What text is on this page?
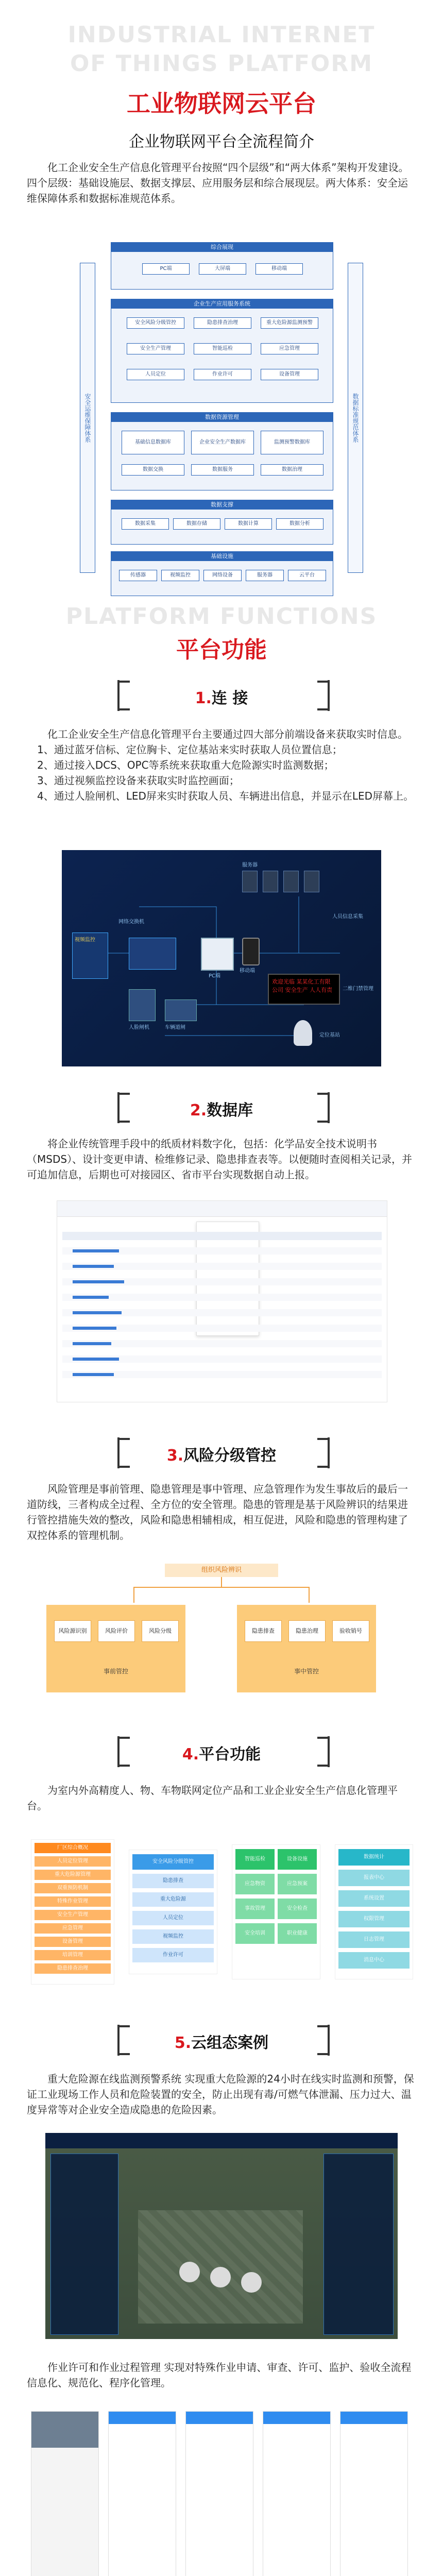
INDUSTRIAL INTERNET OF THINGS PLATFORM
工业物联网云平台
企业物联网平台全流程简介

化工企业安全生产信息化管理平台按照“四个层级”和“两大体系”架构开发建设。四个层级：基础设施层、数据支撑层、应用服务层和综合展现层。两大体系：安全运维保障体系和数据标准规范体系。

安全运维保障体系	数据标准规范体系
综合展现
PC端	大屏端	移动端
企业生产应用服务系统
安全风险分级管控	隐患排查治理	重大危险源监测预警
安全生产管理	智能巡检	应急管理
人员定位	作业许可	设备管理
数据资源管理
基础信息数据库	企业安全生产数据库	监测预警数据库
数据交换	数据服务	数据治理
数据支撑
数据采集	数据存储	数据计算	数据分析
基础设施
传感器	视频监控	网络设备	服务器	云平台
PLATFORM FUNCTIONS
平台功能
1.连 接

化工企业安全生产信息化管理平台主要通过四大部分前端设备来获取实时信息。

1、通过蓝牙信标、定位胸卡、定位基站来实时获取人员位置信息；

2、通过接入DCS、OPC等系统来获取重大危险源实时监测数据；

3、通过视频监控设备来获取实时监控画面；

4、通过人脸闸机、LED屏来实时获取人员、车辆进出信息，并显示在LED屏幕上。

服务器
人员信息采集
网络交换机
视频监控
PC端
移动端
欢迎光临 某某化工有限公司 安全生产 人人有责	二维门禁管理
人脸闸机	车辆道闸
定位基站
2.数据库

将企业传统管理手段中的纸质材料数字化，包括：化学品安全技术说明书（MSDS）、设计变更申请、检维修记录、隐患排查表等。以便随时查阅相关记录，并可追加信息，后期也可对接园区、省市平台实现数据自动上报。

3.风险分级管控

风险管理是事前管理、隐患管理是事中管理、应急管理作为发生事故后的最后一道防线，三者构成全过程、全方位的安全管理。隐患的管理是基于风险辨识的结果进行管控措施失效的整改，风险和隐患相辅相成，相互促进，风险和隐患的管理构建了双控体系的管理机制。

组织风险辨识
风险源识别	风险评价	风险分级
事前管控
隐患排查	隐患治理	验收销号
事中管控
4.平台功能

为室内外高精度人、物、车物联网定位产品和工业企业安全生产信息化管理平台。

厂区综合概况
人员定位管理
重大危险源管理
双重预防机制
特殊作业管理
安全生产管理
应急管理
设备管理
培训管理
隐患排查治理
安全风险分级管控
隐患排查
重大危险源
人员定位
视频监控
作业许可
智能巡检	设备设施
应急物资	应急预案
事故管理	安全检查
安全培训	职业健康
数据统计
报表中心
系统设置
权限管理
日志管理
消息中心
5.云组态案例

重大危险源在线监测预警系统 实现重大危险源的24小时在线实时监测和预警，保证工业现场工作人员和危险装置的安全，防止出现有毒/可燃气体泄漏、压力过大、温度异常等对企业安全造成隐患的危险因素。

作业许可和作业过程管理 实现对特殊作业申请、审查、许可、监护、验收全流程信息化、规范化、程序化管理。
